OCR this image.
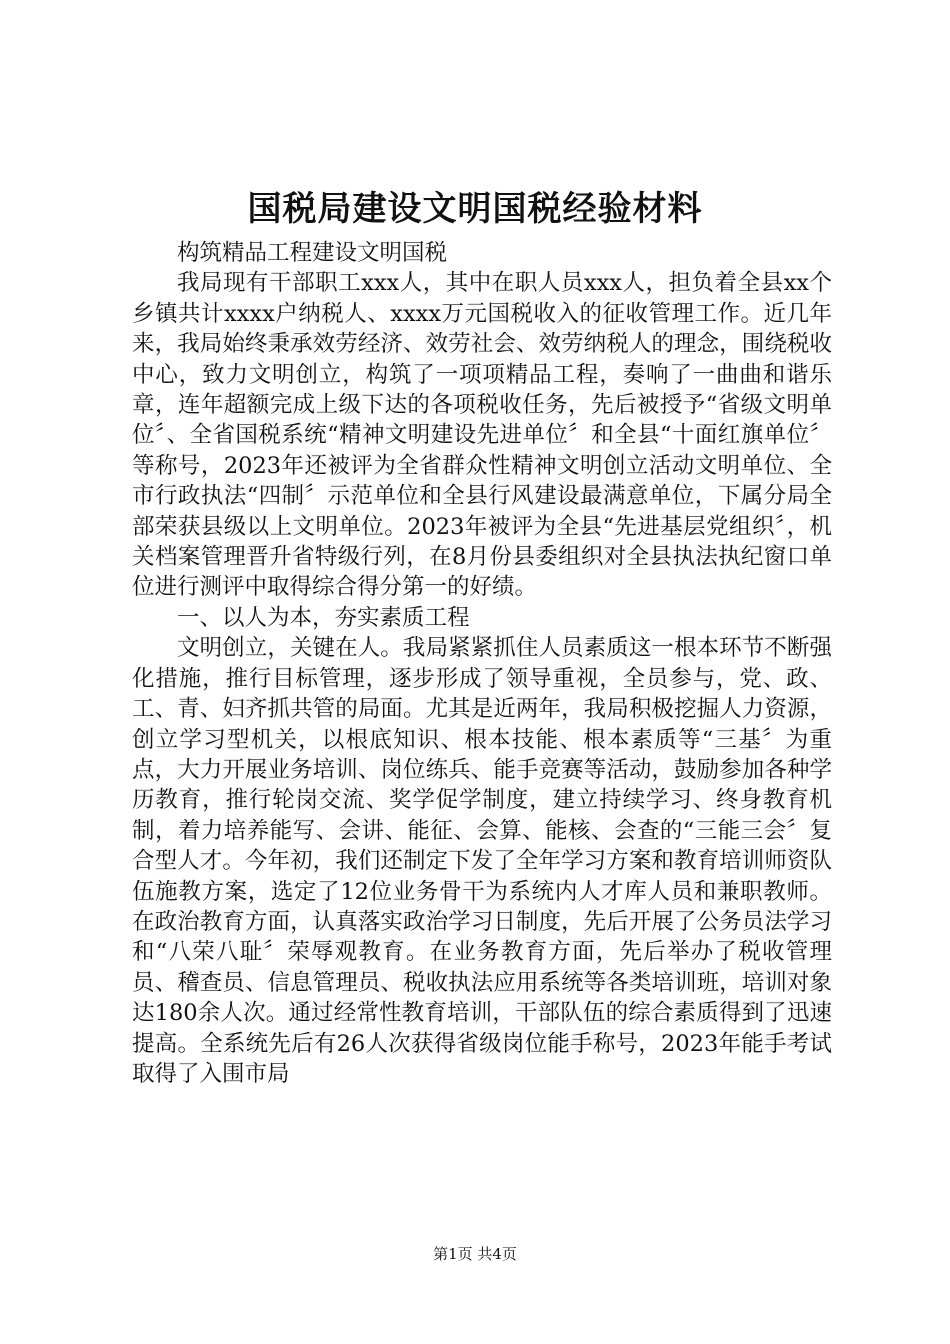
国税局建设文明国税经验材料

构筑精品工程建设文明国税

我局现有干部职工xxx人，其中在职人员xxx人，担负着全县xx个乡镇共计xxxx户纳税人、xxxx万元国税收入的征收管理工作。近几年来，我局始终秉承效劳经济、效劳社会、效劳纳税人的理念，围绕税收中心，致力文明创立，构筑了一项项精品工程，奏响了一曲曲和谐乐章，连年超额完成上级下达的各项税收任务，先后被授予“省级文明单位〞、全省国税系统“精神文明建设先进单位〞和全县“十面红旗单位〞等称号，2023年还被评为全省群众性精神文明创立活动文明单位、全市行政执法“四制〞示范单位和全县行风建设最满意单位，下属分局全部荣获县级以上文明单位。2023年被评为全县“先进基层党组织〞，机关档案管理晋升省特级行列，在8月份县委组织对全县执法执纪窗口单位进行测评中取得综合得分第一的好绩。

一、以人为本，夯实素质工程

文明创立，关键在人。我局紧紧抓住人员素质这一根本环节不断强化措施，推行目标管理，逐步形成了领导重视，全员参与，党、政、工、青、妇齐抓共管的局面。尤其是近两年，我局积极挖掘人力资源，创立学习型机关，以根底知识、根本技能、根本素质等“三基〞为重点，大力开展业务培训、岗位练兵、能手竞赛等活动，鼓励参加各种学历教育，推行轮岗交流、奖学促学制度，建立持续学习、终身教育机制，着力培养能写、会讲、能征、会算、能核、会查的“三能三会〞复合型人才。今年初，我们还制定下发了全年学习方案和教育培训师资队伍施教方案，选定了12位业务骨干为系统内人才库人员和兼职教师。在政治教育方面，认真落实政治学习日制度，先后开展了公务员法学习和“八荣八耻〞荣辱观教育。在业务教育方面，先后举办了税收管理员、稽查员、信息管理员、税收执法应用系统等各类培训班，培训对象达180余人次。通过经常性教育培训，干部队伍的综合素质得到了迅速提高。全系统先后有26人次获得省级岗位能手称号，2023年能手考试取得了入围市局

第1页 共4页
